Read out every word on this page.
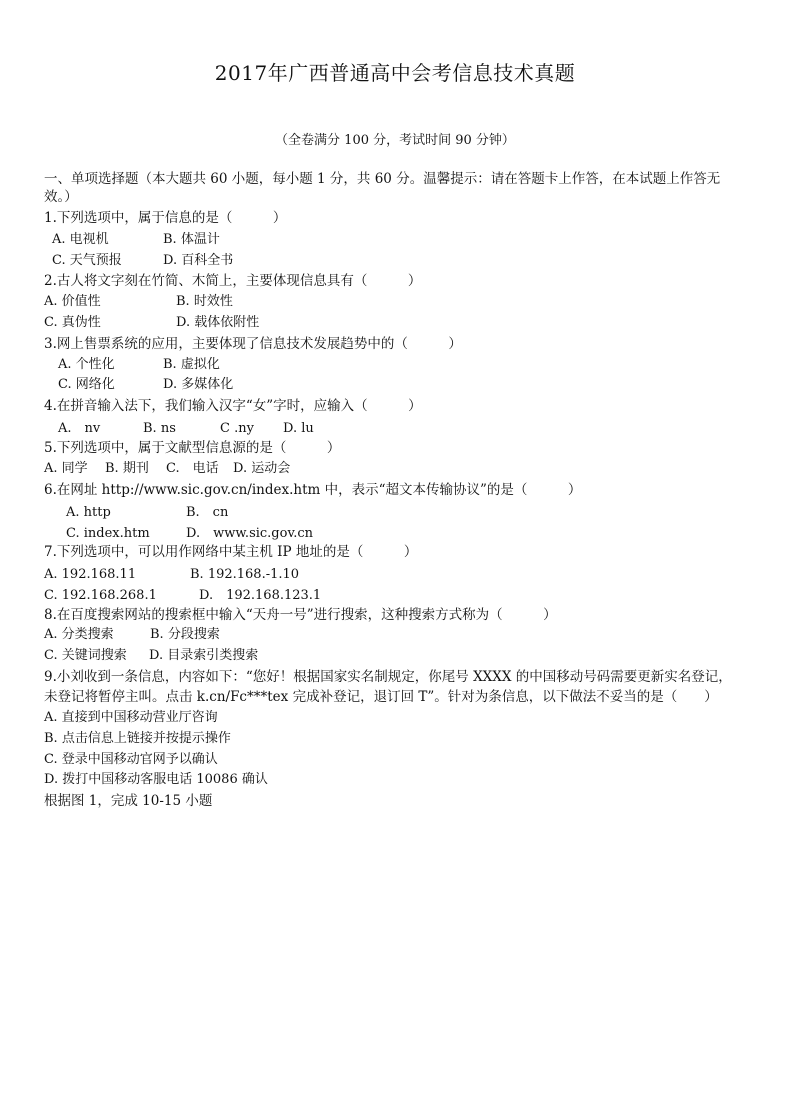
2017年广西普通高中会考信息技术真题
（全卷满分 100 分，考试时间 90 分钟）
一、单项选择题（本大题共 60 小题，每小题 1 分，共 60 分。温馨提示：请在答题卡上作答，在本试题上作答无
效。）
1.下列选项中，属于信息的是（　　　）
A. 电视机	B. 体温计
C. 天气预报	D. 百科全书
2.古人将文字刻在竹简、木简上，主要体现信息具有（　　　）
A. 价值性	B. 时效性
C. 真伪性	D. 载体依附性
3.网上售票系统的应用，主要体现了信息技术发展趋势中的（　　　）
A. 个性化	B. 虚拟化
C. 网络化	D. 多媒体化
4.在拼音输入法下，我们输入汉字“女”字时，应输入（　　　）
A.　nv	B. ns	C .ny D. lu
5.下列选项中，属于文献型信息源的是（　　　）
A. 同学 B. 期刊 C.　电话 D. 运动会
6.在网址 http://www.sic.gov.cn/index.htm 中，表示“超文本传输协议”的是（　　　）
A. http	B.　cn
C. index.htm	D.　www.sic.gov.cn
7.下列选项中，可以用作网络中某主机 IP 地址的是（　　　）
A. 192.168.11	B. 192.168.-1.10
C. 192.168.268.1	D.　192.168.123.1
8.在百度搜索网站的搜索框中输入“天舟一号”进行搜索，这种搜索方式称为（　　　）
A. 分类搜索	B. 分段搜索
C. 关键词搜索 D. 目录索引类搜索
9.小刘收到一条信息，内容如下：“您好！根据国家实名制规定，你尾号 XXXX 的中国移动号码需要更新实名登记，
未登记将暂停主叫。点击 k.cn/Fc***tex 完成补登记，退订回 T”。针对为条信息，以下做法不妥当的是（　　）
A. 直接到中国移动营业厅咨询
B. 点击信息上链接并按提示操作
C. 登录中国移动官网予以确认
D. 拨打中国移动客服电话 10086 确认
根据图 1，完成 10-15 小题
